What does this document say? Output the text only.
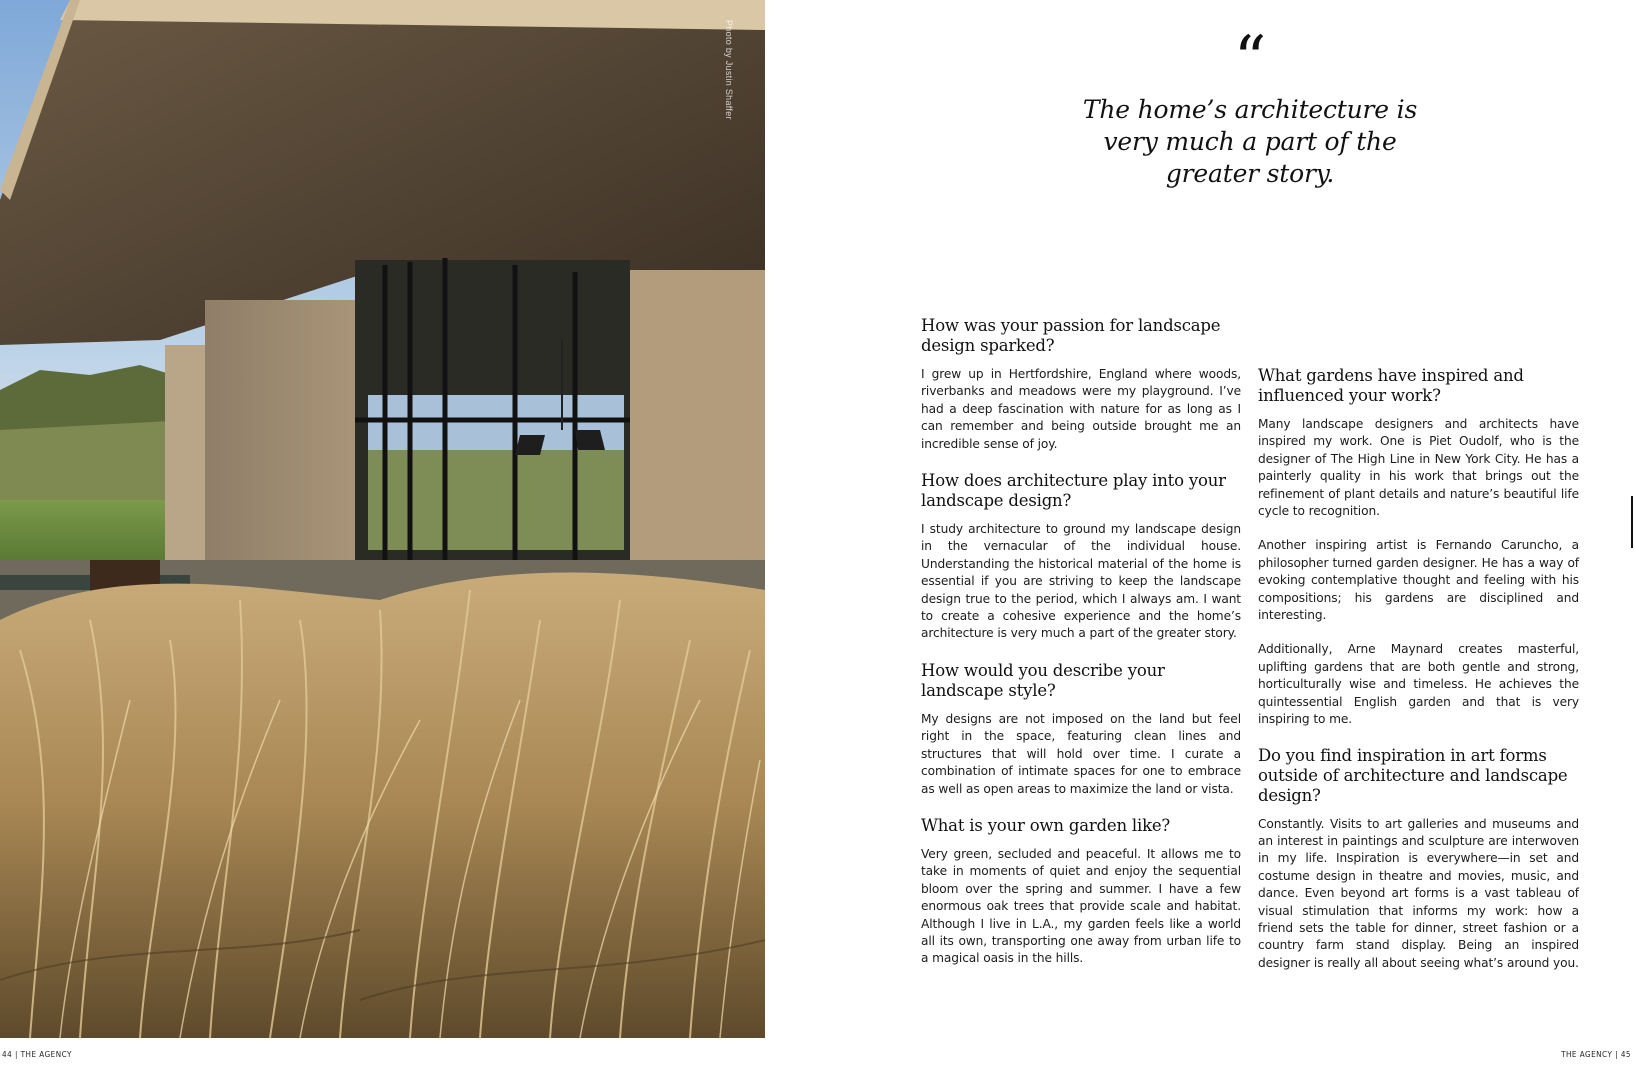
Photo by Justin Shaffer	“

The home’s architecture is very much a part of the greater story.

How was your passion for landscape design sparked?

I grew up in Hertfordshire, England where woods, riverbanks and meadows were my playground. I’ve had a deep fascination with nature for as long as I can remember and being outside brought me an incredible sense of joy.

How does architecture play into your landscape design?

I study architecture to ground my landscape design in the vernacular of the individual house. Understanding the historical material of the home is essential if you are striving to keep the landscape design true to the period, which I always am. I want to create a cohesive experience and the home’s architecture is very much a part of the greater story.

How would you describe your landscape style?

My designs are not imposed on the land but feel right in the space, featuring clean lines and structures that will hold over time. I curate a combination of intimate spaces for one to embrace as well as open areas to maximize the land or vista.

What is your own garden like?

Very green, secluded and peaceful. It allows me to take in moments of quiet and enjoy the sequential bloom over the spring and summer. I have a few enormous oak trees that provide scale and habitat. Although I live in L.A., my garden feels like a world all its own, transporting one away from urban life to a magical oasis in the hills.

What gardens have inspired and influenced your work?

Many landscape designers and architects have inspired my work. One is Piet Oudolf, who is the designer of The High Line in New York City. He has a painterly quality in his work that brings out the refinement of plant details and nature’s beautiful life cycle to recognition.

Another inspiring artist is Fernando Caruncho, a philosopher turned garden designer. He has a way of evoking contemplative thought and feeling with his compositions; his gardens are disciplined and interesting.

Additionally, Arne Maynard creates masterful, uplifting gardens that are both gentle and strong, horticulturally wise and timeless. He achieves the quintessential English garden and that is very inspiring to me.

Do you find inspiration in art forms outside of architecture and landscape design?

Constantly. Visits to art galleries and museums and an interest in paintings and sculpture are interwoven in my life. Inspiration is everywhere—in set and costume design in theatre and movies, music, and dance. Even beyond art forms is a vast tableau of visual stimulation that informs my work: how a friend sets the table for dinner, street fashion or a country farm stand display. Being an inspired designer is really all about seeing what’s around you.

44 | THE AGENCY	THE AGENCY | 45
